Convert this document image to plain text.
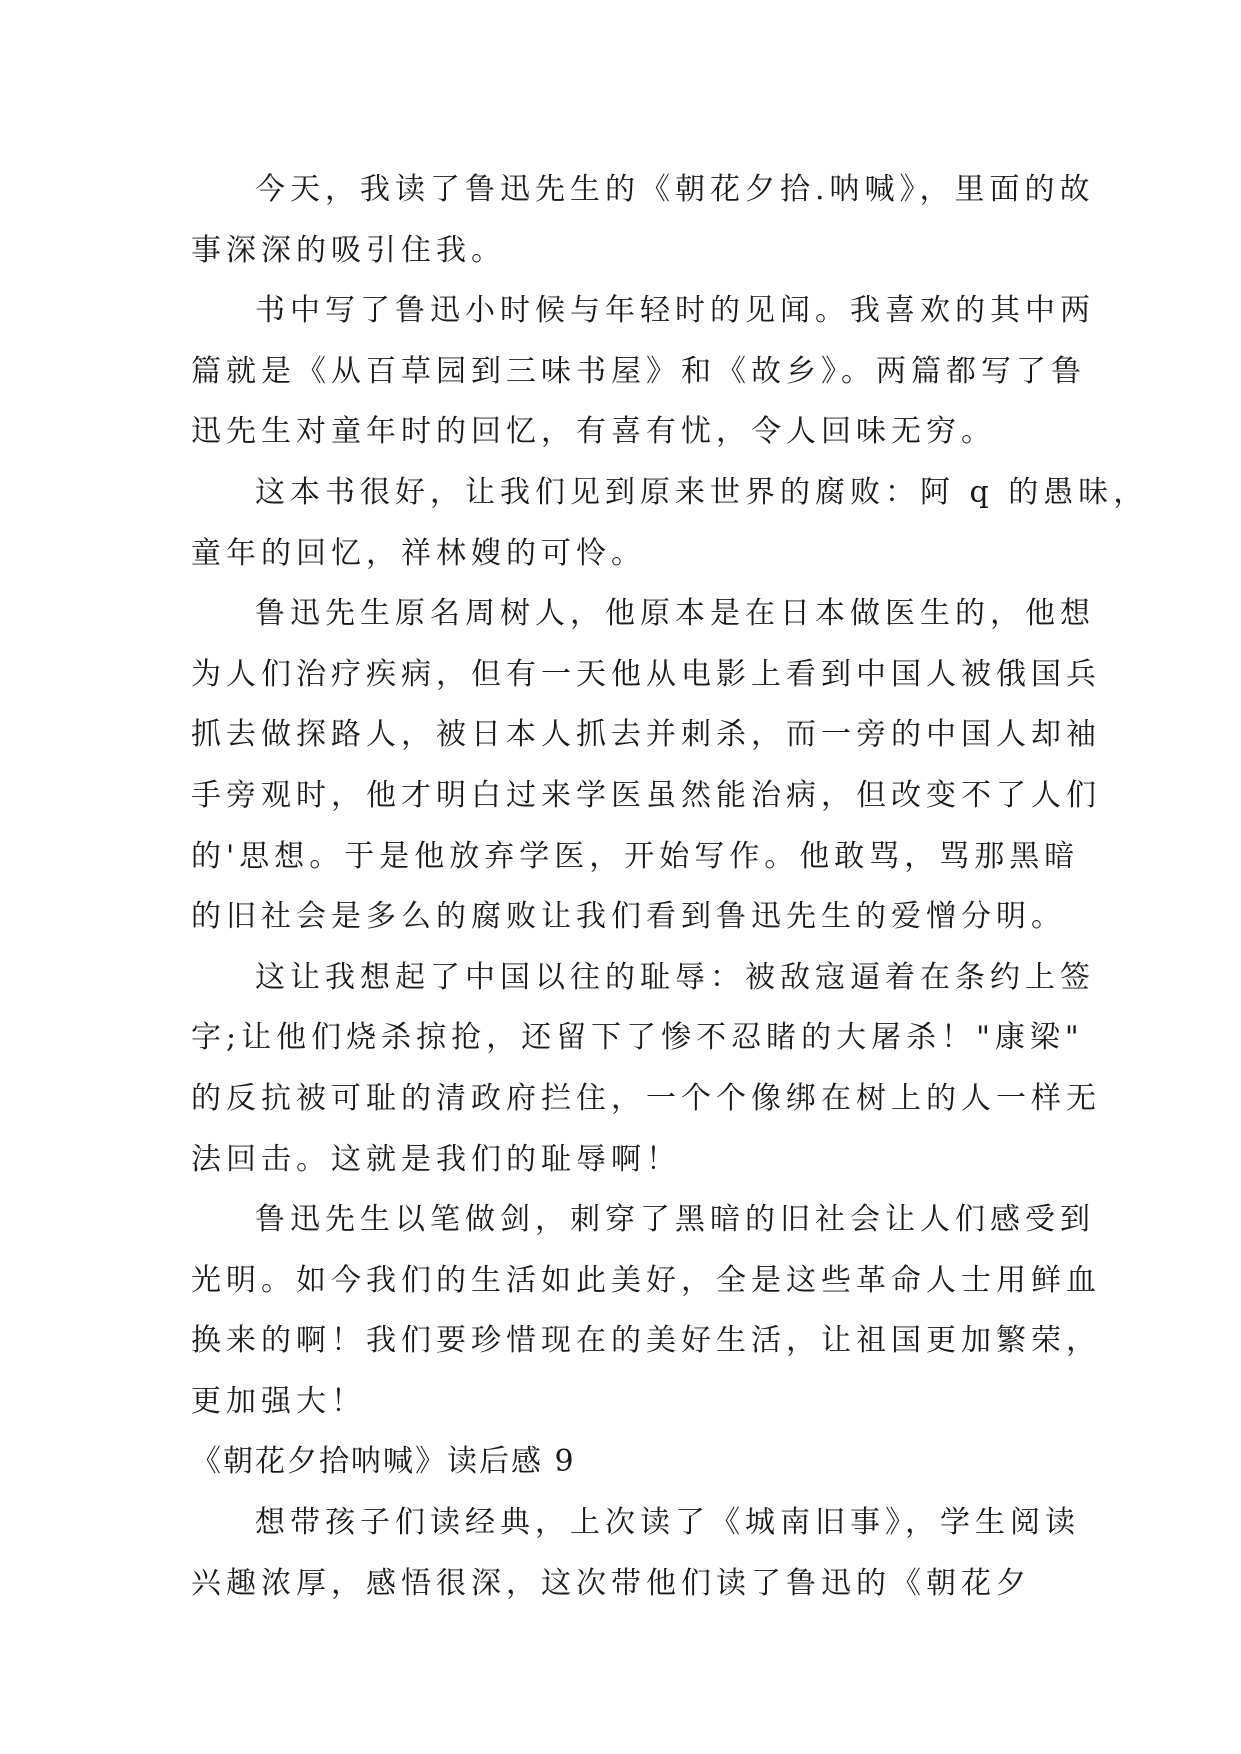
今天，我读了鲁迅先生的《朝花夕拾.呐喊》，里面的故
事深深的吸引住我。
书中写了鲁迅小时候与年轻时的见闻。我喜欢的其中两
篇就是《从百草园到三味书屋》和《故乡》。两篇都写了鲁
迅先生对童年时的回忆，有喜有忧，令人回味无穷。
这本书很好，让我们见到原来世界的腐败：阿 q 的愚昧，
童年的回忆，祥林嫂的可怜。
鲁迅先生原名周树人，他原本是在日本做医生的，他想
为人们治疗疾病，但有一天他从电影上看到中国人被俄国兵
抓去做探路人，被日本人抓去并刺杀，而一旁的中国人却袖
手旁观时，他才明白过来学医虽然能治病，但改变不了人们
的'思想。于是他放弃学医，开始写作。他敢骂，骂那黑暗
的旧社会是多么的腐败让我们看到鲁迅先生的爱憎分明。
这让我想起了中国以往的耻辱：被敌寇逼着在条约上签
字;让他们烧杀掠抢，还留下了惨不忍睹的大屠杀！"康梁"
的反抗被可耻的清政府拦住，一个个像绑在树上的人一样无
法回击。这就是我们的耻辱啊！
鲁迅先生以笔做剑，刺穿了黑暗的旧社会让人们感受到
光明。如今我们的生活如此美好，全是这些革命人士用鲜血
换来的啊！我们要珍惜现在的美好生活，让祖国更加繁荣，
更加强大！
《朝花夕拾呐喊》读后感 9
想带孩子们读经典，上次读了《城南旧事》，学生阅读
兴趣浓厚，感悟很深，这次带他们读了鲁迅的《朝花夕
